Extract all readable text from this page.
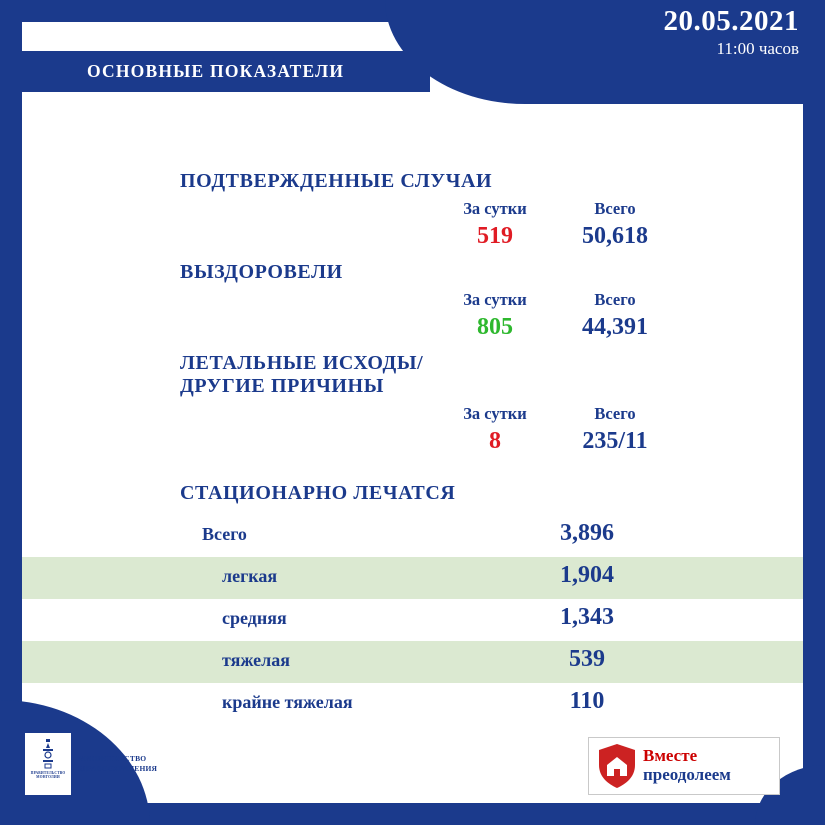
20.05.2021
11:00 часов
ОСНОВНЫЕ ПОКАЗАТЕЛИ
ПОДТВЕРЖДЕННЫЕ СЛУЧАИ
За сутки	Всего
519	50,618
ВЫЗДОРОВЕЛИ
За сутки	Всего
805	44,391
ЛЕТАЛЬНЫЕ ИСХОДЫ/
ДРУГИЕ ПРИЧИНЫ
За сутки	Всего
8	235/11
СТАЦИОНАРНО ЛЕЧАТСЯ
Всего	3,896
легкая	1,904
средняя	1,343
тяжелая	539
крайне тяжелая	110
ПРАВИТЕЛЬСТВО
МОНГОЛИИ
МИНИСТЕРСТВО
ЗДРАВООХРАНЕНИЯ
Вместе
преодолеем
